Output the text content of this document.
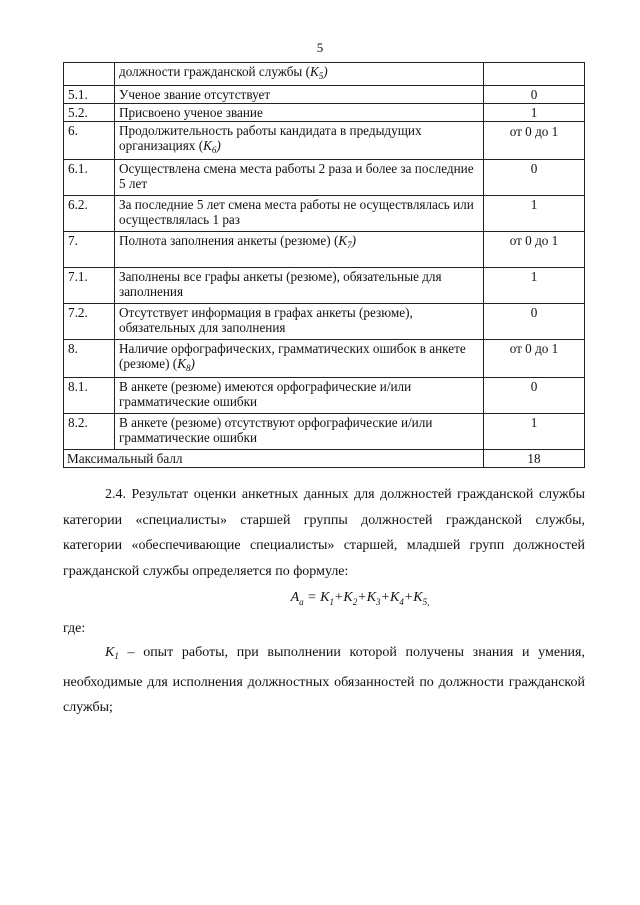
5
	должности гражданской службы $(K_5)$	
5.1.	Ученое звание отсутствует	0
5.2.	Присвоено ученое звание	1
6.	Продолжительность работы кандидата в предыдущих организациях $(K_6)$	от 0 до 1
6.1.	Осуществлена смена места работы 2 раза и более за последние 5 лет	0
6.2.	За последние 5 лет смена места работы не осуществлялась или осуществлялась 1 раз	1
7.	Полнота заполнения анкеты (резюме) $(K_7)$	от 0 до 1
7.1.	Заполнены все графы анкеты (резюме), обязательные для заполнения	1
7.2.	Отсутствует информация в графах анкеты (резюме), обязательных для заполнения	0
8.	Наличие орфографических, грамматических ошибок в анкете (резюме) $(K_8)$	от 0 до 1
8.1.	В анкете (резюме) имеются орфографические и/или грамматические ошибки	0
8.2.	В анкете (резюме) отсутствуют орфографические и/или грамматические ошибки	1
Максимальный балл		18
2.4. Результат оценки анкетных данных для должностей гражданской службы категории «специалисты» старшей группы должностей гражданской службы, категории «обеспечивающие специалисты» старшей, младшей групп должностей гражданской службы определяется по формуле:
$A_a = K_1+K_2+K_3+K_4+K_{5,}$
где:
$K_1$ – опыт работы, при выполнении которой получены знания и умения, необходимые для исполнения должностных обязанностей по должности гражданской службы;
